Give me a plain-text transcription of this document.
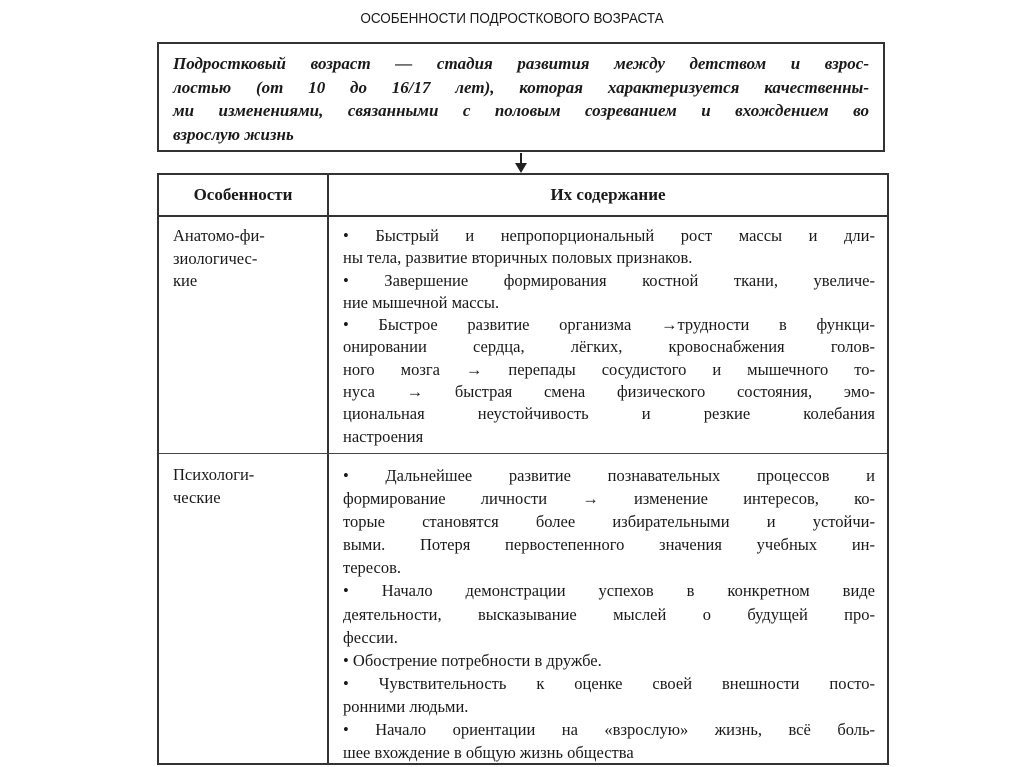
ОСОБЕННОСТИ ПОДРОСТКОВОГО ВОЗРАСТА
Подростковый возраст — стадия развития между детством и взрос-
лостью (от 10 до 16/17 лет), которая характеризуется качественны-
ми изменениями, связанными с половым созреванием и вхождением во
взрослую жизнь
Особенности	Их содержание
Анатомо-фи-
зиологичес-
кие
• Быстрый и непропорциональный рост массы и дли-
ны тела, развитие вторичных половых признаков.
• Завершение формирования костной ткани, увеличе-
ние мышечной массы.
• Быстрое развитие организма →трудности в функци-
онировании сердца, лёгких, кровоснабжения голов-
ного мозга → перепады сосудистого и мышечного то-
нуса → быстрая смена физического состояния, эмо-
циональная неустойчивость и резкие колебания
настроения
Психологи-
ческие
• Дальнейшее развитие познавательных процессов и
формирование личности → изменение интересов, ко-
торые становятся более избирательными и устойчи-
выми. Потеря первостепенного значения учебных ин-
тересов.
• Начало демонстрации успехов в конкретном виде
деятельности, высказывание мыслей о будущей про-
фессии.
• Обострение потребности в дружбе.
• Чувствительность к оценке своей внешности посто-
ронними людьми.
• Начало ориентации на «взрослую» жизнь, всё боль-
шее вхождение в общую жизнь общества
